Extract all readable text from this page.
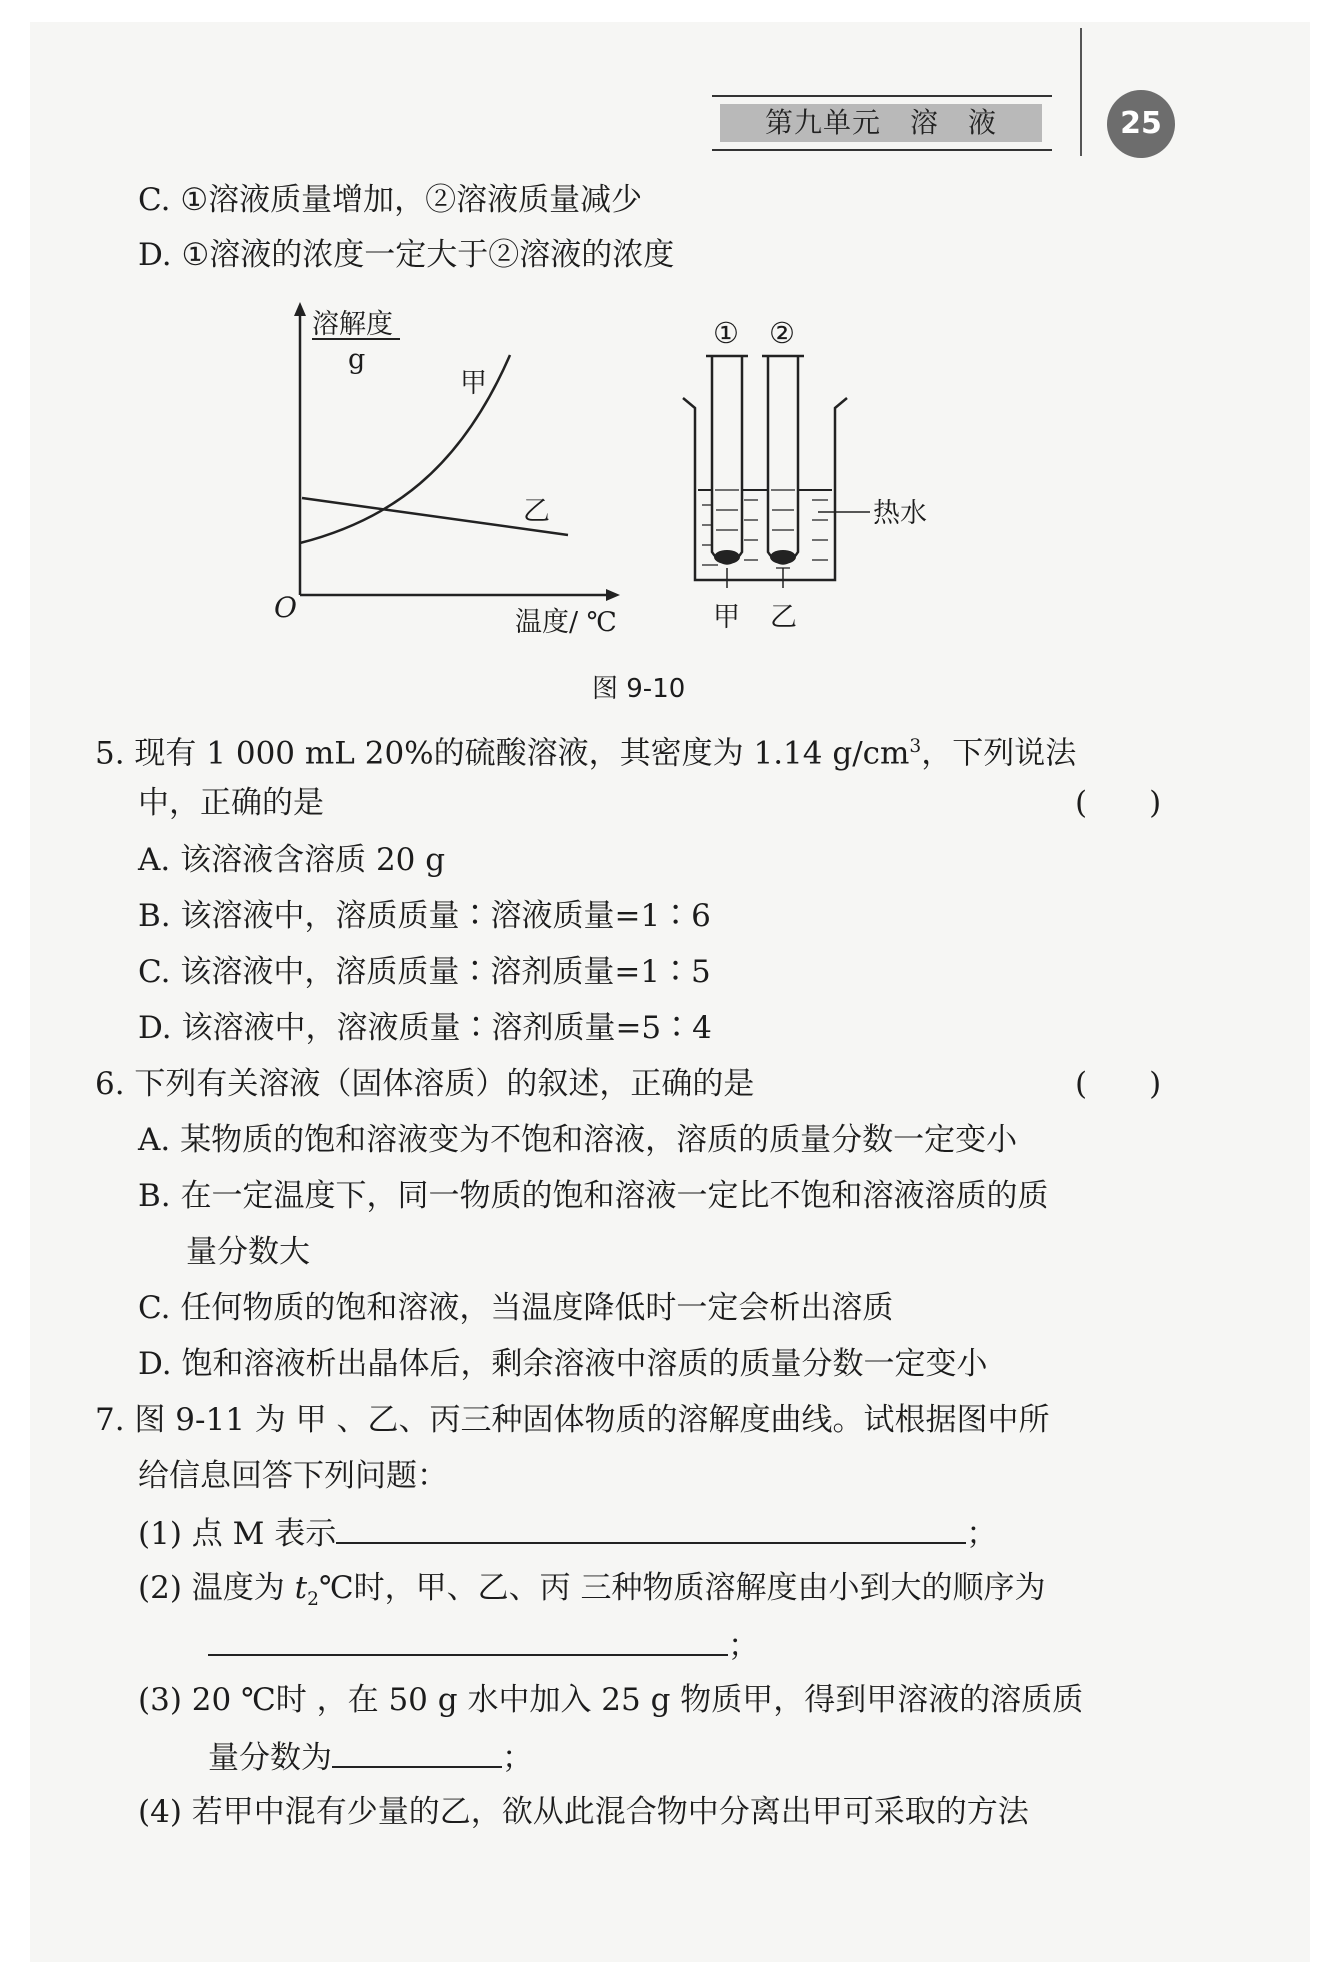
第九单元　溶　液	25
C. ①溶液质量增加，②溶液质量减少
D. ①溶液的浓度一定大于②溶液的浓度
溶解度
g
O	温度/ ℃
甲
乙
① ②
热水
甲 乙
图 9-10
5. 现有 1 000 mL 20%的硫酸溶液，其密度为 1.14 $g/cm^3$，下列说法
中，正确的是	(　　)
A. 该溶液含溶质 20 g
B. 该溶液中，溶质质量∶溶液质量=1∶6
C. 该溶液中，溶质质量∶溶剂质量=1∶5
D. 该溶液中，溶液质量∶溶剂质量=5∶4
6. 下列有关溶液（固体溶质）的叙述，正确的是	(　　)
A. 某物质的饱和溶液变为不饱和溶液，溶质的质量分数一定变小
B. 在一定温度下，同一物质的饱和溶液一定比不饱和溶液溶质的质
量分数大
C. 任何物质的饱和溶液，当温度降低时一定会析出溶质
D. 饱和溶液析出晶体后，剩余溶液中溶质的质量分数一定变小
7. 图 9-11 为 甲 、乙、丙三种固体物质的溶解度曲线。试根据图中所
给信息回答下列问题：
(1) 点 M 表示	；
(2) 温度为 $t_2℃$时，甲、乙、丙 三种物质溶解度由小到大的顺序为
；
(3) 20 ℃时 ，在 50 g 水中加入 25 g 物质甲，得到甲溶液的溶质质
量分数为	；
(4) 若甲中混有少量的乙，欲从此混合物中分离出甲可采取的方法
